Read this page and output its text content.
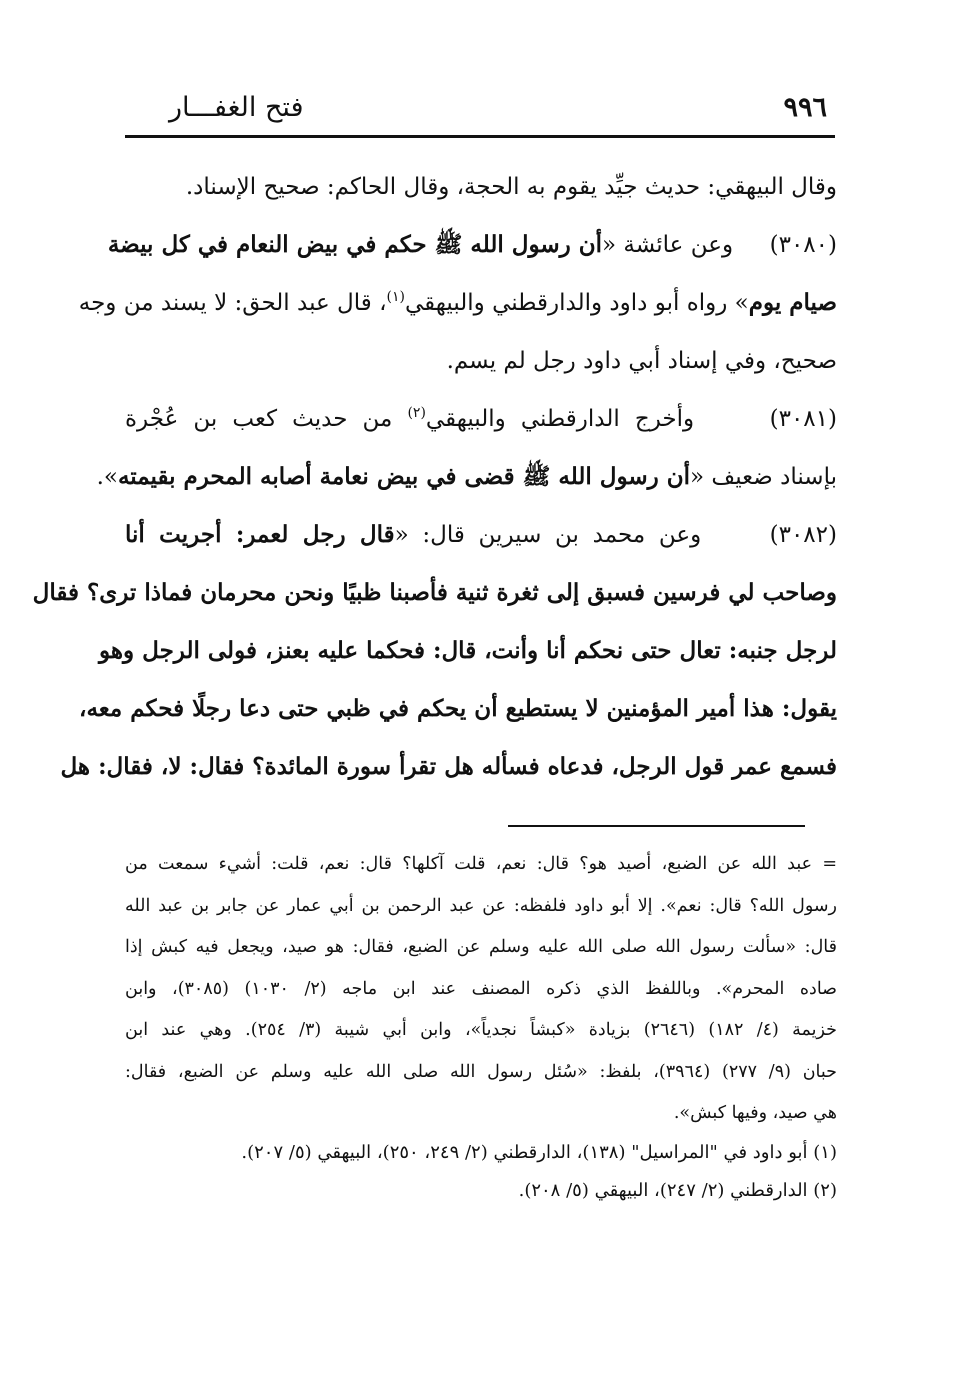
٩٩٦
فتح الغفـــار
وقال البيهقي: حديث جيِّد يقوم به الحجة، وقال الحاكم: صحيح الإسناد.
(٣٠٨٠)     وعن عائشة «أن رسول الله ﷺ حكم في بيض النعام في كل بيضة
صيام يوم» رواه أبو داود والدارقطني والبيهقي$^{(١)}$، قال عبد الحق: لا يسند من وجه
صحيح، وفي إسناد أبي داود رجل لم يسم.
(٣٠٨١)     وأخرج الدارقطني والبيهقي$^{(٢)}$ من حديث كعب بن عُجْرة
بإسناد ضعيف «أن رسول الله ﷺ قضى في بيض نعامة أصابه المحرم بقيمته».
(٣٠٨٢)     وعن محمد بن سيرين قال: «قال رجل لعمر: أجريت أنا
وصاحب لي فرسين فسبق إلى ثغرة ثنية فأصبنا ظبيًا ونحن محرمان فماذا ترى؟ فقال
لرجل جنبه: تعال حتى نحكم أنا وأنت، قال: فحكما عليه بعنز، فولى الرجل وهو
يقول: هذا أمير المؤمنين لا يستطيع أن يحكم في ظبي حتى دعا رجلًا فحكم معه،
فسمع عمر قول الرجل، فدعاه فسأله هل تقرأ سورة المائدة؟ فقال: لا، فقال: هل
= عبد الله عن الضبع، أصيد هو؟ قال: نعم، قلت آكلها؟ قال: نعم، قلت: أشيء سمعت من
رسول الله؟ قال: نعم». إلا أبو داود فلفظه: عن عبد الرحمن بن أبي عمار عن جابر بن عبد الله
قال: «سألت رسول الله صلى الله عليه وسلم عن الضبع، فقال: هو صيد، ويجعل فيه كبش إذا
صاده المحرم». وباللفظ الذي ذكره المصنف عند ابن ماجه (٢/ ١٠٣٠) (٣٠٨٥)، وابن
خزيمة (٤/ ١٨٢) (٢٦٤٦) بزيادة «كبشاً نجدياً»، وابن أبي شيبة (٣/ ٢٥٤). وهي عند ابن
حبان (٩/ ٢٧٧) (٣٩٦٤)، بلفظ: «سُئل رسول الله صلى الله عليه وسلم عن الضبع، فقال:
هي صيد، وفيها كبش».
(١) أبو داود في "المراسيل" (١٣٨)، الدارقطني (٢/ ٢٤٩، ٢٥٠)، البيهقي (٥/ ٢٠٧).
(٢) الدارقطني (٢/ ٢٤٧)، البيهقي (٥/ ٢٠٨).
